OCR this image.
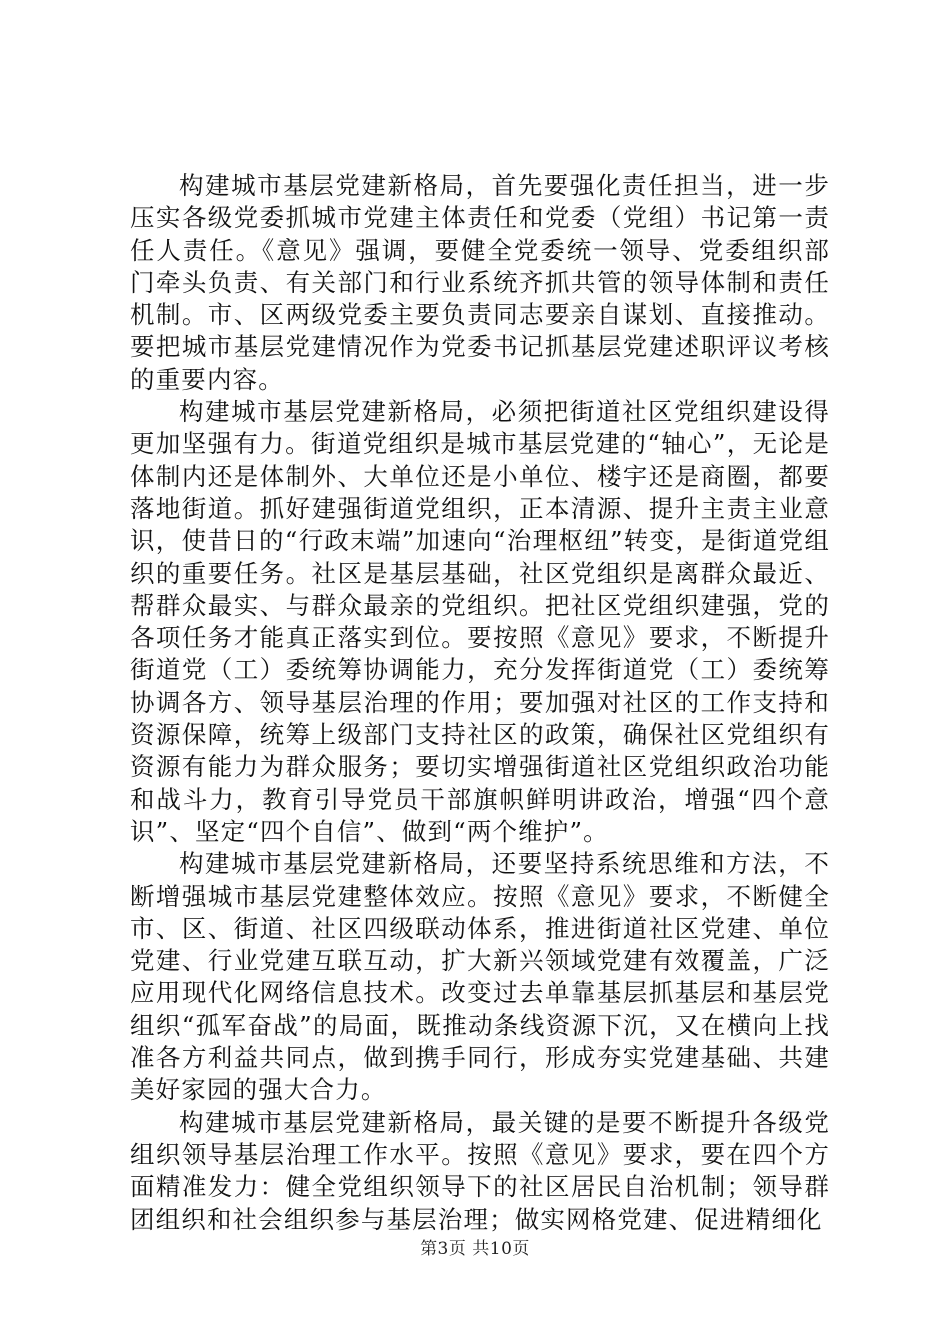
构建城市基层党建新格局，首先要强化责任担当，进一步压实各级党委抓城市党建主体责任和党委（党组）书记第一责任人责任。《意见》强调，要健全党委统一领导、党委组织部门牵头负责、有关部门和行业系统齐抓共管的领导体制和责任机制。市、区两级党委主要负责同志要亲自谋划、直接推动。要把城市基层党建情况作为党委书记抓基层党建述职评议考核的重要内容。

构建城市基层党建新格局，必须把街道社区党组织建设得更加坚强有力。街道党组织是城市基层党建的“轴心”，无论是体制内还是体制外、大单位还是小单位、楼宇还是商圈，都要落地街道。抓好建强街道党组织，正本清源、提升主责主业意识，使昔日的“行政末端”加速向“治理枢纽”转变，是街道党组织的重要任务。社区是基层基础，社区党组织是离群众最近、帮群众最实、与群众最亲的党组织。把社区党组织建强，党的各项任务才能真正落实到位。要按照《意见》要求，不断提升街道党（工）委统筹协调能力，充分发挥街道党（工）委统筹协调各方、领导基层治理的作用；要加强对社区的工作支持和资源保障，统筹上级部门支持社区的政策，确保社区党组织有资源有能力为群众服务；要切实增强街道社区党组织政治功能和战斗力，教育引导党员干部旗帜鲜明讲政治，增强“四个意识”、坚定“四个自信”、做到“两个维护”。

构建城市基层党建新格局，还要坚持系统思维和方法，不断增强城市基层党建整体效应。按照《意见》要求，不断健全市、区、街道、社区四级联动体系，推进街道社区党建、单位党建、行业党建互联互动，扩大新兴领域党建有效覆盖，广泛应用现代化网络信息技术。改变过去单靠基层抓基层和基层党组织“孤军奋战”的局面，既推动条线资源下沉，又在横向上找准各方利益共同点，做到携手同行，形成夯实党建基础、共建美好家园的强大合力。

构建城市基层党建新格局，最关键的是要不断提升各级党组织领导基层治理工作水平。按照《意见》要求，要在四个方面精准发力：健全党组织领导下的社区居民自治机制；领导群团组织和社会组织参与基层治理；做实网格党建、促进精细化

第3页 共10页
